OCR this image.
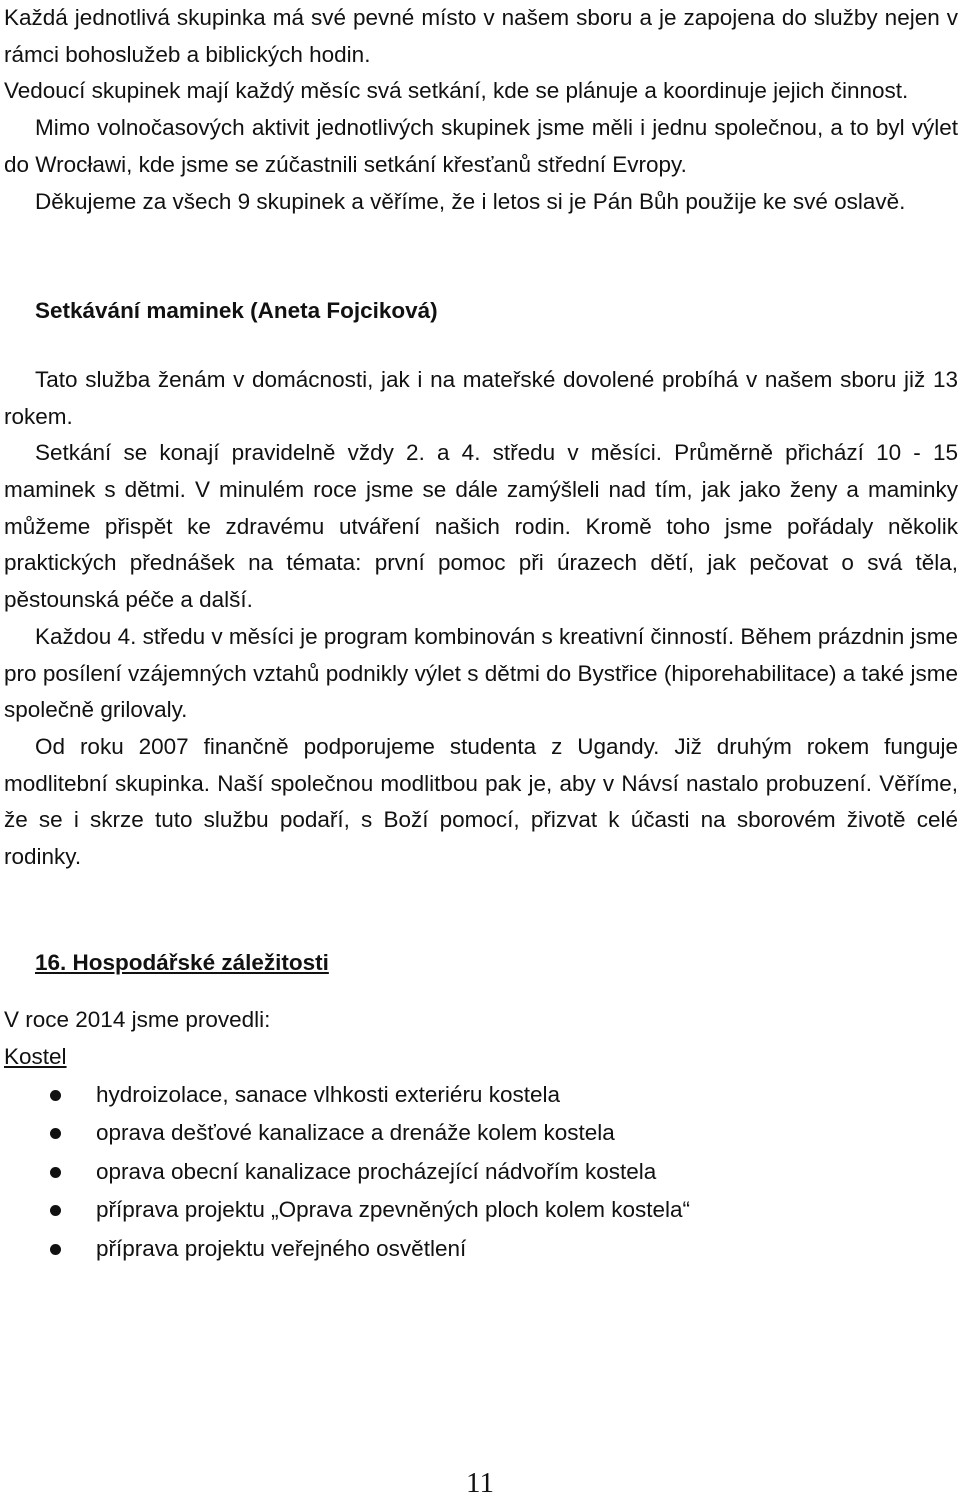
Každá jednotlivá skupinka má své pevné místo v našem sboru a je zapojena do služby nejen v rámci bohoslužeb a biblických hodin.

Vedoucí skupinek mají každý měsíc svá setkání, kde se plánuje a koordinuje jejich činnost.

Mimo volnočasových aktivit jednotlivých skupinek jsme měli i jednu společnou, a to byl výlet do Wrocławi, kde jsme se zúčastnili setkání křesťanů střední Evropy.

Děkujeme za všech 9 skupinek a věříme, že i letos si je Pán Bůh použije ke své oslavě.

Setkávání maminek (Aneta Fojciková)

Tato služba ženám v domácnosti, jak i na mateřské dovolené probíhá v našem sboru již 13 rokem.

Setkání se konají pravidelně vždy 2. a 4. středu v měsíci. Průměrně přichází 10 - 15 maminek s dětmi. V minulém roce jsme se dále zamýšleli nad tím, jak jako ženy a maminky můžeme přispět ke zdravému utváření našich rodin. Kromě toho jsme pořádaly několik praktických přednášek na témata: první pomoc při úrazech dětí, jak pečovat o svá těla, pěstounská péče a další.

Každou 4. středu v měsíci je program kombinován s kreativní činností. Během prázdnin jsme pro posílení vzájemných vztahů podnikly výlet s dětmi do Bystřice (hiporehabilitace) a také jsme společně grilovaly.

Od roku 2007 finančně podporujeme studenta z Ugandy. Již druhým rokem funguje modlitební skupinka. Naší společnou modlitbou pak je, aby v Návsí nastalo probuzení. Věříme, že se i skrze tuto službu podaří, s Boží pomocí, přizvat k účasti na sborovém životě celé rodinky.

16. Hospodářské záležitosti

V roce 2014 jsme provedli:

Kostel

hydroizolace, sanace vlhkosti exteriéru kostela
oprava dešťové kanalizace a drenáže kolem kostela
oprava obecní kanalizace procházející nádvořím kostela
příprava projektu „Oprava zpevněných ploch kolem kostela“
příprava projektu veřejného osvětlení
11
